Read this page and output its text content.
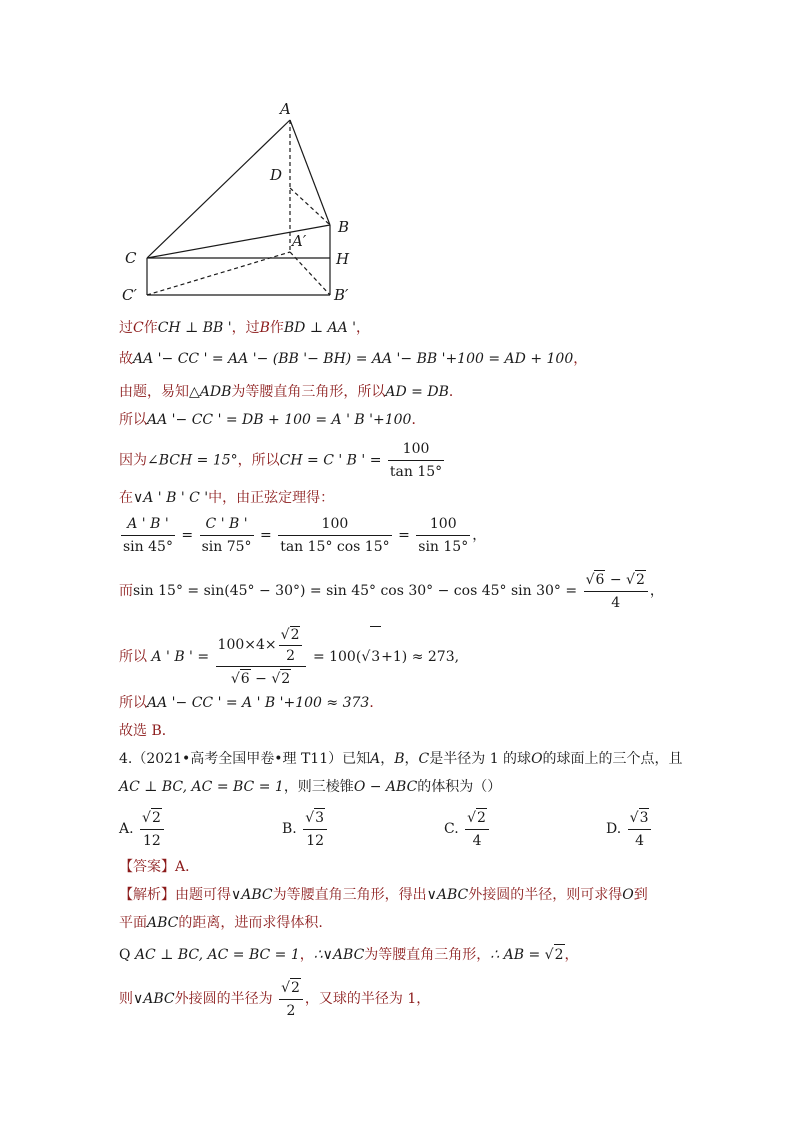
A
D
B
A′
C	H
C′	B′
过C作CH ⊥ BB '，过B作BD ⊥ AA '，
故AA '− CC ' = AA '− (BB '− BH) = AA '− BB '+100 = AD + 100，
由题，易知△ADB为等腰直角三角形，所以AD = DB．
所以AA '− CC ' = DB + 100 = A ' B '+100．
因为∠BCH = 15°，所以CH = C ' B ' = $\frac{100}{\tan 15^\circ}$
在∨A ' B ' C '中，由正弦定理得：
$\frac{A ' B '}{\sin 45^\circ} = \frac{C ' B '}{\sin 75^\circ} = \frac{100}{\tan 15^\circ \cos 15^\circ} = \frac{100}{\sin 15^\circ}$ ，
而sin 15° = sin(45° − 30°) = sin 45° cos 30° − cos 45° $\sin 30^\circ = \frac{√6 - √2}{4}$ ，
所以 A ' B ' = $\frac{100\times 4\times \frac{√2}{2}}{√6 - √2} = 100(√3+1) \approx 273$,
所以AA '− CC ' = A ' B '+100 ≈ 373．
故选 B．
4.（2021•高考全国甲卷•理 T11）已知A，B，C是半径为 1 的球O的球面上的三个点，且
AC ⊥ BC, AC = BC = 1，则三棱锥O − ABC的体积为（）
A. $\frac{√2}{12}$	B. $\frac{√3}{12}$	C. $\frac{√2}{4}$	D. $\frac{√3}{4}$
【答案】A．
【解析】由题可得∨ABC为等腰直角三角形，得出∨ABC外接圆的半径，则可求得O到
平面ABC的距离，进而求得体积.
Q AC ⊥ BC, AC = BC = 1，∴∨ABC为等腰直角三角形，∴ AB = √2，
则∨ABC外接圆的半径为 $\frac{√2}{2}$ ，又球的半径为 1，
